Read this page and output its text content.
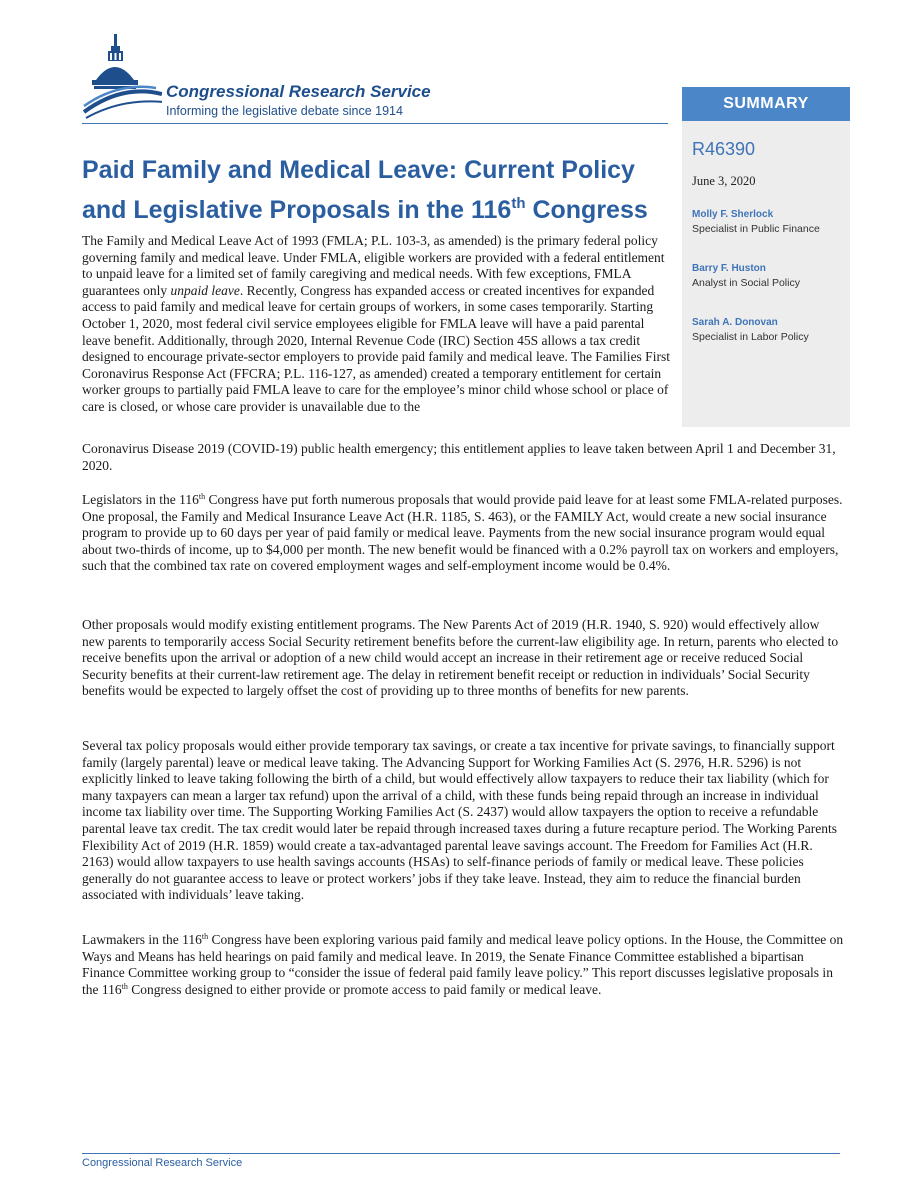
Congressional Research Service
Informing the legislative debate since 1914	SUMMARY
R46390
June 3, 2020
Molly F. Sherlock
Specialist in Public Finance
Barry F. Huston
Analyst in Social Policy
Sarah A. Donovan
Specialist in Labor Policy
Paid Family and Medical Leave: Current Policy
and Legislative Proposals in the 116th Congress
The Family and Medical Leave Act of 1993 (FMLA; P.L. 103-3, as amended) is the primary federal policy governing family and medical leave. Under FMLA, eligible workers are provided with a federal entitlement to unpaid leave for a limited set of family caregiving and medical needs. With few exceptions, FMLA guarantees only unpaid leave. Recently, Congress has expanded access or created incentives for expanded access to paid family and medical leave for certain groups of workers, in some cases temporarily. Starting October 1, 2020, most federal civil service employees eligible for FMLA leave will have a paid parental leave benefit. Additionally, through 2020, Internal Revenue Code (IRC) Section 45S allows a tax credit designed to encourage private-sector employers to provide paid family and medical leave. The Families First Coronavirus Response Act (FFCRA; P.L. 116-127, as amended) created a temporary entitlement for certain worker groups to partially paid FMLA leave to care for the employee’s minor child whose school or place of care is closed, or whose care provider is unavailable due to the
Coronavirus Disease 2019 (COVID-19) public health emergency; this entitlement applies to leave taken between April 1 and December 31, 2020.
Legislators in the 116th Congress have put forth numerous proposals that would provide paid leave for at least some FMLA-related purposes. One proposal, the Family and Medical Insurance Leave Act (H.R. 1185, S. 463), or the FAMILY Act, would create a new social insurance program to provide up to 60 days per year of paid family or medical leave. Payments from the new social insurance program would equal about two-thirds of income, up to $4,000 per month. The new benefit would be financed with a 0.2% payroll tax on workers and employers, such that the combined tax rate on covered employment wages and self-employment income would be 0.4%.
Other proposals would modify existing entitlement programs. The New Parents Act of 2019 (H.R. 1940, S. 920) would effectively allow new parents to temporarily access Social Security retirement benefits before the current-law eligibility age. In return, parents who elected to receive benefits upon the arrival or adoption of a new child would accept an increase in their retirement age or receive reduced Social Security benefits at their current-law retirement age. The delay in retirement benefit receipt or reduction in individuals’ Social Security benefits would be expected to largely offset the cost of providing up to three months of benefits for new parents.
Several tax policy proposals would either provide temporary tax savings, or create a tax incentive for private savings, to financially support family (largely parental) leave or medical leave taking. The Advancing Support for Working Families Act (S. 2976, H.R. 5296) is not explicitly linked to leave taking following the birth of a child, but would effectively allow taxpayers to reduce their tax liability (which for many taxpayers can mean a larger tax refund) upon the arrival of a child, with these funds being repaid through an increase in individual income tax liability over time. The Supporting Working Families Act (S. 2437) would allow taxpayers the option to receive a refundable parental leave tax credit. The tax credit would later be repaid through increased taxes during a future recapture period. The Working Parents Flexibility Act of 2019 (H.R. 1859) would create a tax-advantaged parental leave savings account. The Freedom for Families Act (H.R. 2163) would allow taxpayers to use health savings accounts (HSAs) to self-finance periods of family or medical leave. These policies generally do not guarantee access to leave or protect workers’ jobs if they take leave. Instead, they aim to reduce the financial burden associated with individuals’ leave taking.
Lawmakers in the 116th Congress have been exploring various paid family and medical leave policy options. In the House, the Committee on Ways and Means has held hearings on paid family and medical leave. In 2019, the Senate Finance Committee established a bipartisan Finance Committee working group to “consider the issue of federal paid family leave policy.” This report discusses legislative proposals in the 116th Congress designed to either provide or promote access to paid family or medical leave.
Congressional Research Service
